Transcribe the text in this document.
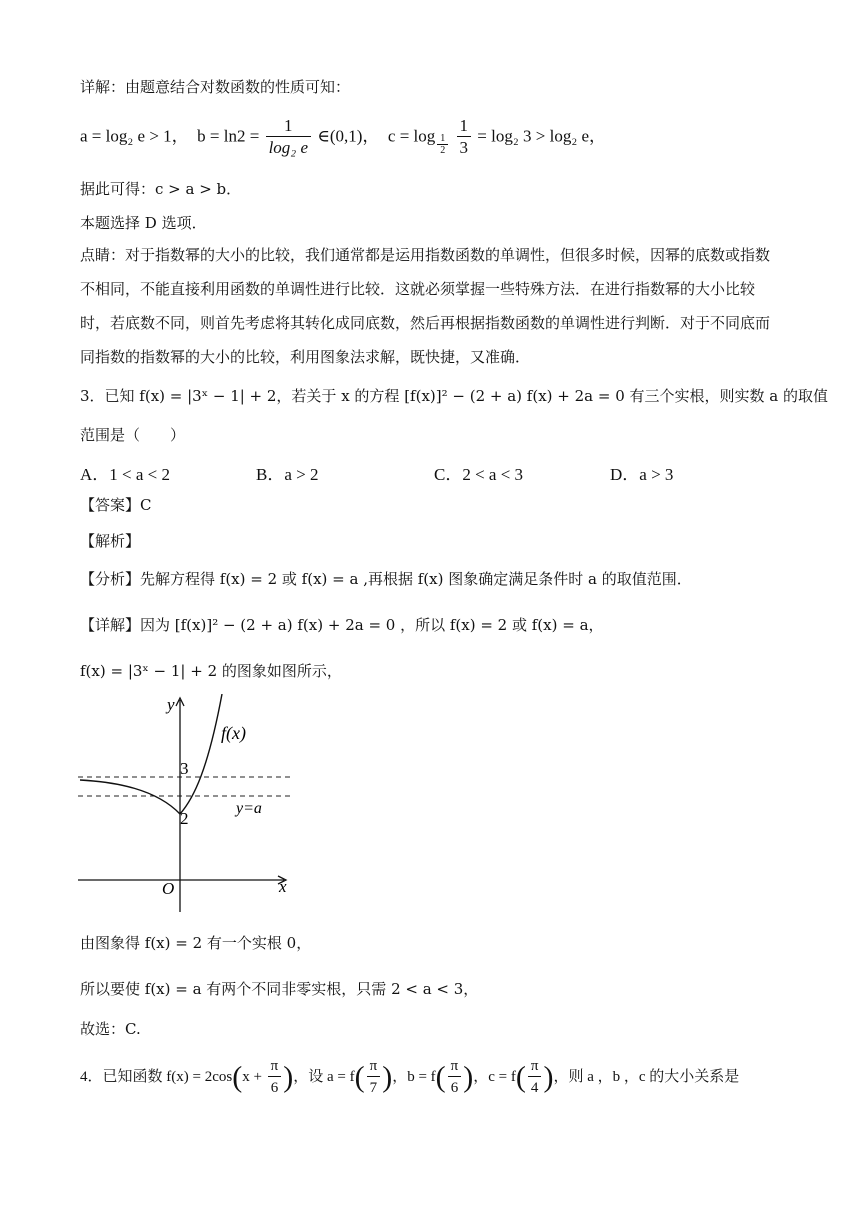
详解：由题意结合对数函数的性质可知：
a = log₂ e > 1， $b = \ln 2 = \frac{1}{\text{log₂ e}}$ ∈(0,1)， $c = \log \frac{1}{2}$
$\frac{1}{3} = \log_2$ 3 > log₂ e，
据此可得：c > a > b．
本题选择 D 选项．
点睛：对于指数幂的大小的比较，我们通常都是运用指数函数的单调性，但很多时候，因幂的底数或指数
不相同，不能直接利用函数的单调性进行比较．这就必须掌握一些特殊方法．在进行指数幂的大小比较
时，若底数不同，则首先考虑将其转化成同底数，然后再根据指数函数的单调性进行判断．对于不同底而
同指数的指数幂的大小的比较，利用图象法求解，既快捷，又准确．
3．已知 f(x) = |3ˣ − 1| + 2，若关于 x 的方程 [f(x)]² − (2 + a) f(x) + 2a = 0 有三个实根，则实数 a 的取值
范围是（　　）
A．1 < a < 2	B．a > 2	C．2 < a < 3	D．a > 3
【答案】C
【解析】
【分析】先解方程得 f(x) = 2 或 f(x) = a ,再根据 f(x) 图象确定满足条件时 a 的取值范围．
【详解】因为 [f(x)]² − (2 + a) f(x) + 2a = 0 ，所以 f(x) = 2 或 f(x) = a，
f(x) = |3ˣ − 1| + 2 的图象如图所示，
y
x
O
f(x)
y=a
3
2
由图象得 f(x) = 2 有一个实根 0，
所以要使 f(x) = a 有两个不同非零实根，只需 2 < a < 3，
故选：C.
4．已知函数 $f(x) = 2\cos(x + \frac{\pi}{6}$ )，设 $a = f( \frac{\pi}{7}$ )，$b = f( \frac{\pi}{6}$ )，$c = f( \frac{\pi}{4}$ )，则 a ，b ，c 的大小关系是
